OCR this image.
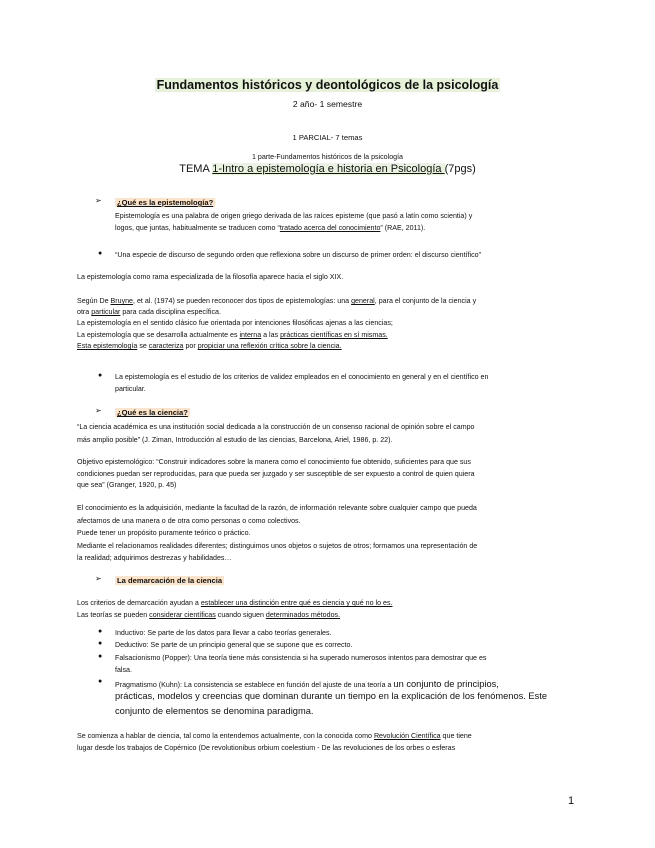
Fundamentos históricos y deontológicos de la psicología
2 año- 1 semestre
1 PARCIAL- 7 temas
1 parte-Fundamentos históricos de la psicología
TEMA 1-Intro a epistemología e historia en Psicología (7pgs)
➢ ¿Qué es la epistemología?
Epistemología es una palabra de origen griego derivada de las raíces episteme (que pasó a latín como scientia) y
logos, que juntas, habitualmente se traducen como “tratado acerca del conocimiento” (RAE, 2011).
● “Una especie de discurso de segundo orden que reflexiona sobre un discurso de primer orden: el discurso científico”
La epistemología como rama especializada de la filosofía aparece hacia el siglo XIX.
Según De Bruyne, et al. (1974) se pueden reconocer dos tipos de epistemologías: una general, para el conjunto de la ciencia y
otra particular para cada disciplina específica.
La epistemología en el sentido clásico fue orientada por intenciones filosóficas ajenas a las ciencias;
La epistemología que se desarrolla actualmente es interna a las prácticas científicas en sí mismas.
Esta epistemología se caracteriza por propiciar una reflexión crítica sobre la ciencia.
● La epistemología es el estudio de los criterios de validez empleados en el conocimiento en general y en el científico en
particular.
➢ ¿Qué es la ciencia?
“La ciencia académica es una institución social dedicada a la construcción de un consenso racional de opinión sobre el campo
más amplio posible” (J. Ziman, Introducción al estudio de las ciencias, Barcelona, Ariel, 1986, p. 22).
Objetivo epistemológico: “Construir indicadores sobre la manera como el conocimiento fue obtenido, suficientes para que sus
condiciones puedan ser reproducidas, para que pueda ser juzgado y ser susceptible de ser expuesto a control de quien quiera
que sea” (Granger, 1920, p. 45)
El conocimiento es la adquisición, mediante la facultad de la razón, de información relevante sobre cualquier campo que pueda
afectarnos de una manera o de otra como personas o como colectivos.
Puede tener un propósito puramente teórico o práctico.
Mediante el relacionamos realidades diferentes; distinguimos unos objetos o sujetos de otros; formamos una representación de
la realidad; adquirimos destrezas y habilidades…
➢ La demarcación de la ciencia
Los criterios de demarcación ayudan a establecer una distinción entre qué es ciencia y qué no lo es.
Las teorías se pueden considerar científicas cuando siguen determinados métodos.
● Inductivo: Se parte de los datos para llevar a cabo teorías generales.
● Deductivo: Se parte de un principio general que se supone que es correcto.
● Falsacionismo (Popper): Una teoría tiene más consistencia si ha superado numerosos intentos para demostrar que es
falsa.
● Pragmatismo (Kuhn): La consistencia se establece en función del ajuste de una teoría a un conjunto de principios,
prácticas, modelos y creencias que dominan durante un tiempo en la explicación de los fenómenos. Este
conjunto de elementos se denomina paradigma.
Se comienza a hablar de ciencia, tal como la entendemos actualmente, con la conocida como Revolución Científica que tiene
lugar desde los trabajos de Copérnico (De revolutionibus orbium coelestium - De las revoluciones de los orbes o esferas
1
